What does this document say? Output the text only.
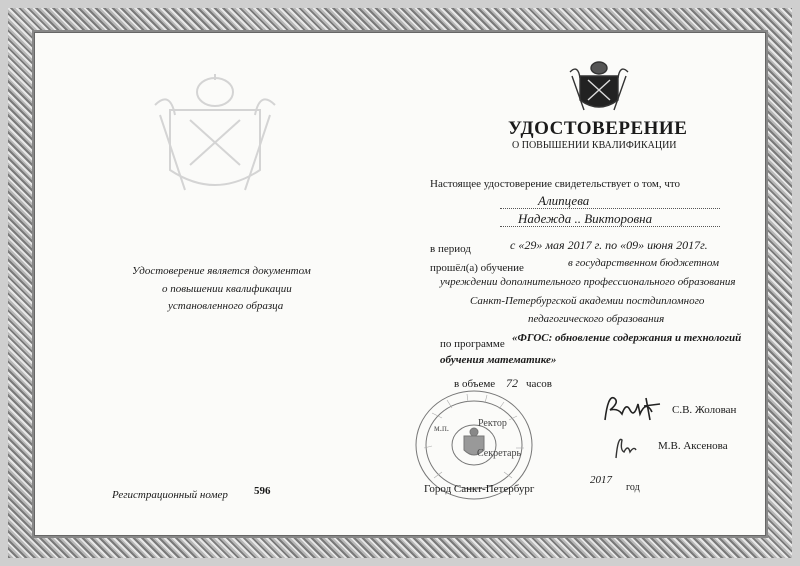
УДОСТОВЕРЕНИЕ
О ПОВЫШЕНИИ КВАЛИФИКАЦИИ
Настоящее удостоверение свидетельствует о том, что
Алипцева
Надежда .. Викторовна
в период	с «29» мая 2017 г. по «09» июня 2017г.
прошёл(а) обучение	в государственном бюджетном
учреждении дополнительного профессионального образования
Санкт-Петербургской академии постдипломного
педагогического образования
по программе «ФГОС: обновление содержания и технологий
обучения математике»
в объеме 72 часов
Ректор
м.п.
Секретарь
С.В. Жолован
М.В. Аксенова
Город Санкт-Петербург
2017
год
Удостоверение является документом
о повышении квалификации
установленного образца
Регистрационный номер 596
